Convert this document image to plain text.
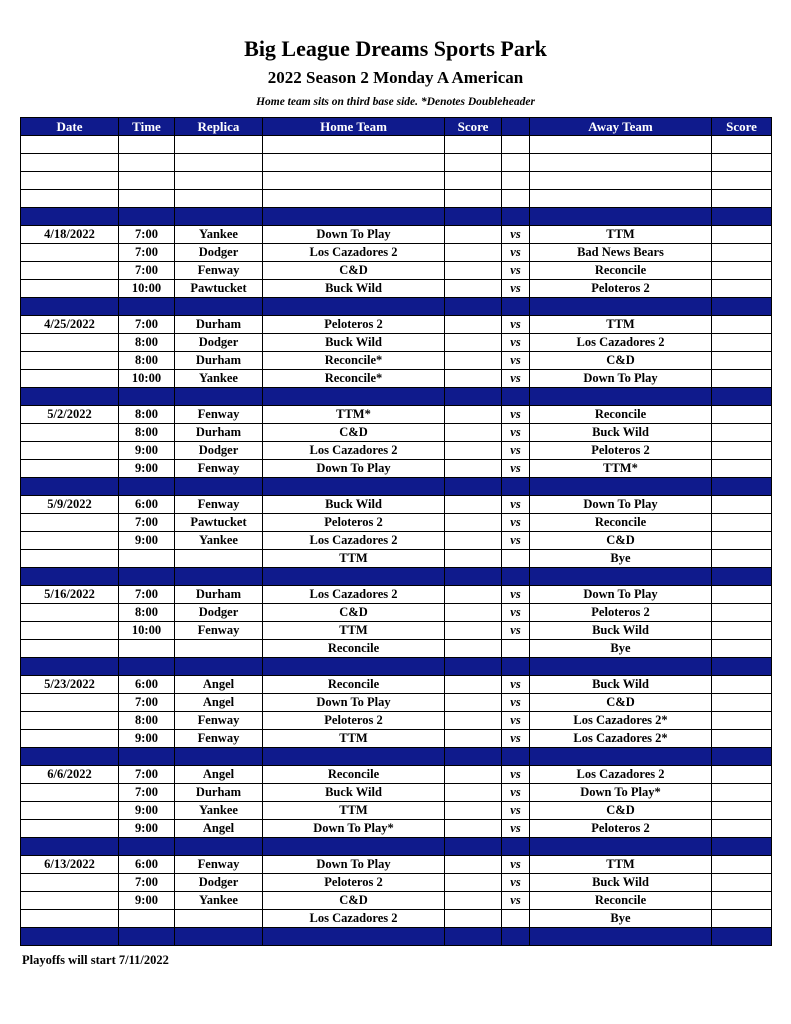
Big League Dreams Sports Park
2022 Season 2 Monday A American
Home team sits on third base side. *Denotes Doubleheader
Date	Time	Replica	Home Team	Score		Away Team	Score

4/18/2022	7:00	Yankee	Down To Play		vs	TTM	
	7:00	Dodger	Los Cazadores 2		vs	Bad News Bears	
	7:00	Fenway	C&D		vs	Reconcile	
	10:00	Pawtucket	Buck Wild		vs	Peloteros 2	

4/25/2022	7:00	Durham	Peloteros 2		vs	TTM	
	8:00	Dodger	Buck Wild		vs	Los Cazadores 2	
	8:00	Durham	Reconcile*		vs	C&D	
	10:00	Yankee	Reconcile*		vs	Down To Play	

5/2/2022	8:00	Fenway	TTM*		vs	Reconcile	
	8:00	Durham	C&D		vs	Buck Wild	
	9:00	Dodger	Los Cazadores 2		vs	Peloteros 2	
	9:00	Fenway	Down To Play		vs	TTM*	

5/9/2022	6:00	Fenway	Buck Wild		vs	Down To Play	
	7:00	Pawtucket	Peloteros 2		vs	Reconcile	
	9:00	Yankee	Los Cazadores 2		vs	C&D	
			TTM			Bye	

5/16/2022	7:00	Durham	Los Cazadores 2		vs	Down To Play	
	8:00	Dodger	C&D		vs	Peloteros 2	
	10:00	Fenway	TTM		vs	Buck Wild	
			Reconcile			Bye	

5/23/2022	6:00	Angel	Reconcile		vs	Buck Wild	
	7:00	Angel	Down To Play		vs	C&D	
	8:00	Fenway	Peloteros 2		vs	Los Cazadores 2*	
	9:00	Fenway	TTM		vs	Los Cazadores 2*	

6/6/2022	7:00	Angel	Reconcile		vs	Los Cazadores 2	
	7:00	Durham	Buck Wild		vs	Down To Play*	
	9:00	Yankee	TTM		vs	C&D	
	9:00	Angel	Down To Play*		vs	Peloteros 2	

6/13/2022	6:00	Fenway	Down To Play		vs	TTM	
	7:00	Dodger	Peloteros 2		vs	Buck Wild	
	9:00	Yankee	C&D		vs	Reconcile	
			Los Cazadores 2			Bye	

Playoffs will start 7/11/2022
